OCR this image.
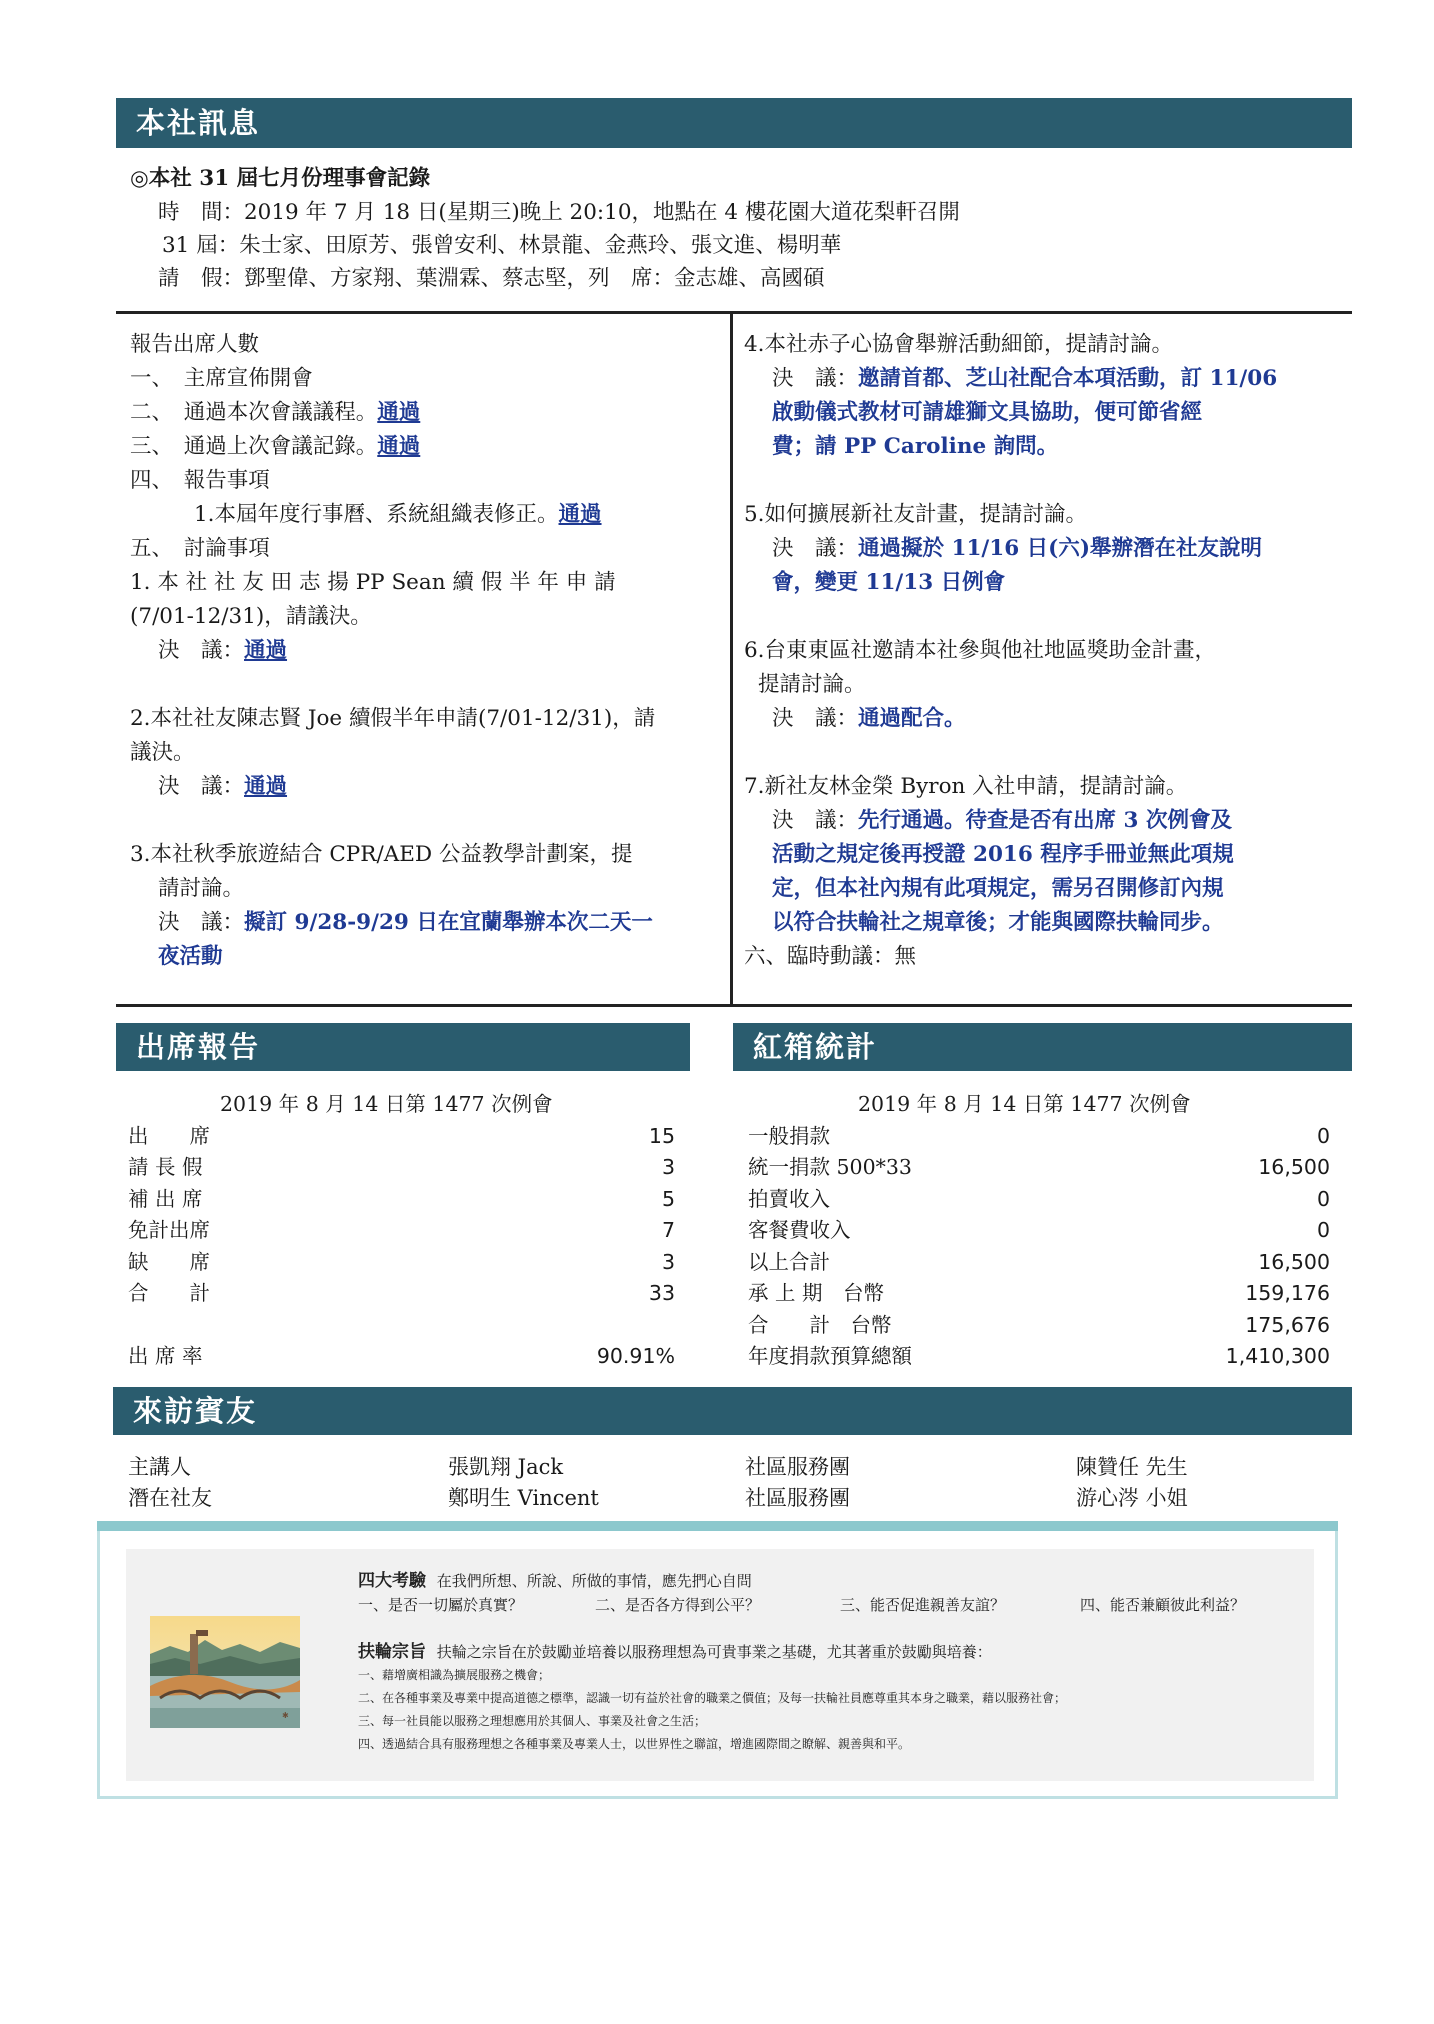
本社訊息
◎本社 31 屆七月份理事會記錄
時　間：2019 年 7 月 18 日(星期三)晚上 20:10，地點在 4 樓花園大道花梨軒召開
31 屆：朱士家、田原芳、張曾安利、林景龍、金燕玲、張文進、楊明華
請　假：鄧聖偉、方家翔、葉淵霖、蔡志堅，列　席：金志雄、高國碩
報告出席人數
一、　主席宣佈開會
二、　通過本次會議議程。通過
三、　通過上次會議記錄。通過
四、　報告事項
1.本屆年度行事曆、系統組織表修正。通過
五、　討論事項
1. 本 社 社 友 田 志 揚 PP Sean 續 假 半 年 申 請
(7/01-12/31)，請議決。
決　議：通過
2.本社社友陳志賢 Joe 續假半年申請(7/01-12/31)，請
議決。
決　議：通過
3.本社秋季旅遊結合 CPR/AED 公益教學計劃案，提
請討論。
決　議：擬訂 9/28-9/29 日在宜蘭舉辦本次二天一
夜活動
4.本社赤子心協會舉辦活動細節，提請討論。
決　議：邀請首都、芝山社配合本項活動，訂 11/06
啟動儀式教材可請雄獅文具協助，便可節省經
費；請 PP Caroline 詢問。
5.如何擴展新社友計畫，提請討論。
決　議：通過擬於 11/16 日(六)舉辦潛在社友說明
會，變更 11/13 日例會
6.台東東區社邀請本社參與他社地區獎助金計畫，
提請討論。
決　議：通過配合。
7.新社友林金榮 Byron 入社申請，提請討論。
決　議：先行通過。待查是否有出席 3 次例會及
活動之規定後再授證 2016 程序手冊並無此項規
定，但本社內規有此項規定，需另召開修訂內規
以符合扶輪社之規章後；才能與國際扶輪同步。
六、臨時動議：無
出席報告
2019 年 8 月 14 日第 1477 次例會
出　　席	15
請 長 假	3
補 出 席	5
免計出席	7
缺　　席	3
合　　計	33
出 席 率	90.91%
紅箱統計
2019 年 8 月 14 日第 1477 次例會
一般捐款	0
統一捐款 500*33	16,500
拍賣收入	0
客餐費收入	0
以上合計	16,500
承 上 期　台幣	159,176
合　　計　台幣	175,676
年度捐款預算總額	1,410,300
來訪賓友
主講人	張凱翔 Jack	社區服務團	陳贊任 先生
潛在社友	鄭明生 Vincent	社區服務團	游心涔 小姐
✱
四大考驗 在我們所想、所說、所做的事情，應先捫心自問
一、是否一切屬於真實？	二、是否各方得到公平？	三、能否促進親善友誼？	四、能否兼顧彼此利益？
扶輪宗旨 扶輪之宗旨在於鼓勵並培養以服務理想為可貴事業之基礎，尤其著重於鼓勵與培養：
一、藉增廣相識為擴展服務之機會；
二、在各種事業及專業中提高道德之標準，認識一切有益於社會的職業之價值；及每一扶輪社員應尊重其本身之職業，藉以服務社會；
三、每一社員能以服務之理想應用於其個人、事業及社會之生活；
四、透過結合具有服務理想之各種事業及專業人士，以世界性之聯誼，增進國際間之瞭解、親善與和平。
